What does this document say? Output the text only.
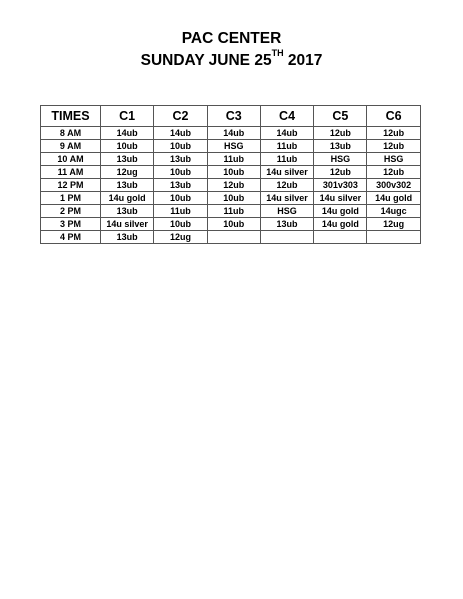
PAC CENTER
SUNDAY JUNE 25TH 2017
TIMES	C1	C2	C3	C4	C5	C6
8 AM	14ub	14ub	14ub	14ub	12ub	12ub
9 AM	10ub	10ub	HSG	11ub	13ub	12ub
10 AM	13ub	13ub	11ub	11ub	HSG	HSG
11 AM	12ug	10ub	10ub	14u silver	12ub	12ub
12 PM	13ub	13ub	12ub	12ub	301v303	300v302
1 PM	14u gold	10ub	10ub	14u silver	14u silver	14u gold
2 PM	13ub	11ub	11ub	HSG	14u gold	14ugc
3 PM	14u silver	10ub	10ub	13ub	14u gold	12ug
4 PM	13ub	12ug				
